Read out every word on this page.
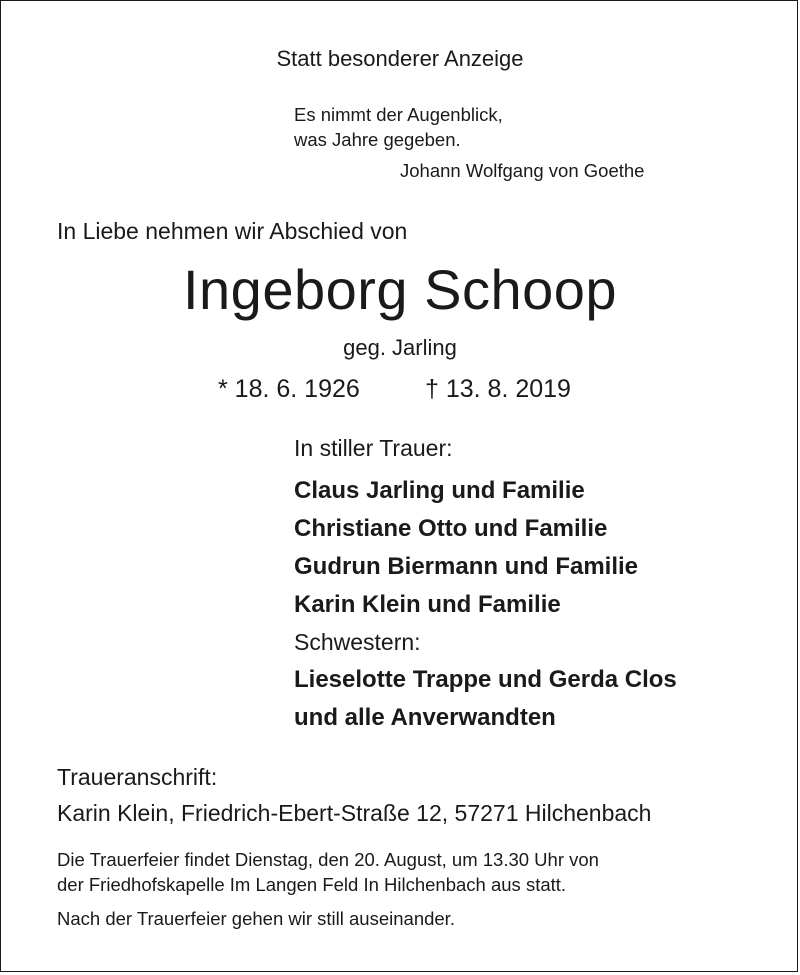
Statt besonderer Anzeige
Es nimmt der Augenblick,
was Jahre gegeben.
Johann Wolfgang von Goethe
In Liebe nehmen wir Abschied von
Ingeborg Schoop
geg. Jarling
* 18. 6. 1926	† 13. 8. 2019
In stiller Trauer:
Claus Jarling und Familie
Christiane Otto und Familie
Gudrun Biermann und Familie
Karin Klein und Familie
Schwestern:
Lieselotte Trappe und Gerda Clos
und alle Anverwandten
Traueranschrift:
Karin Klein, Friedrich-Ebert-Straße 12, 57271 Hilchenbach
Die Trauerfeier findet Dienstag, den 20. August, um 13.30 Uhr von
der Friedhofskapelle Im Langen Feld In Hilchenbach aus statt.
Nach der Trauerfeier gehen wir still auseinander.
